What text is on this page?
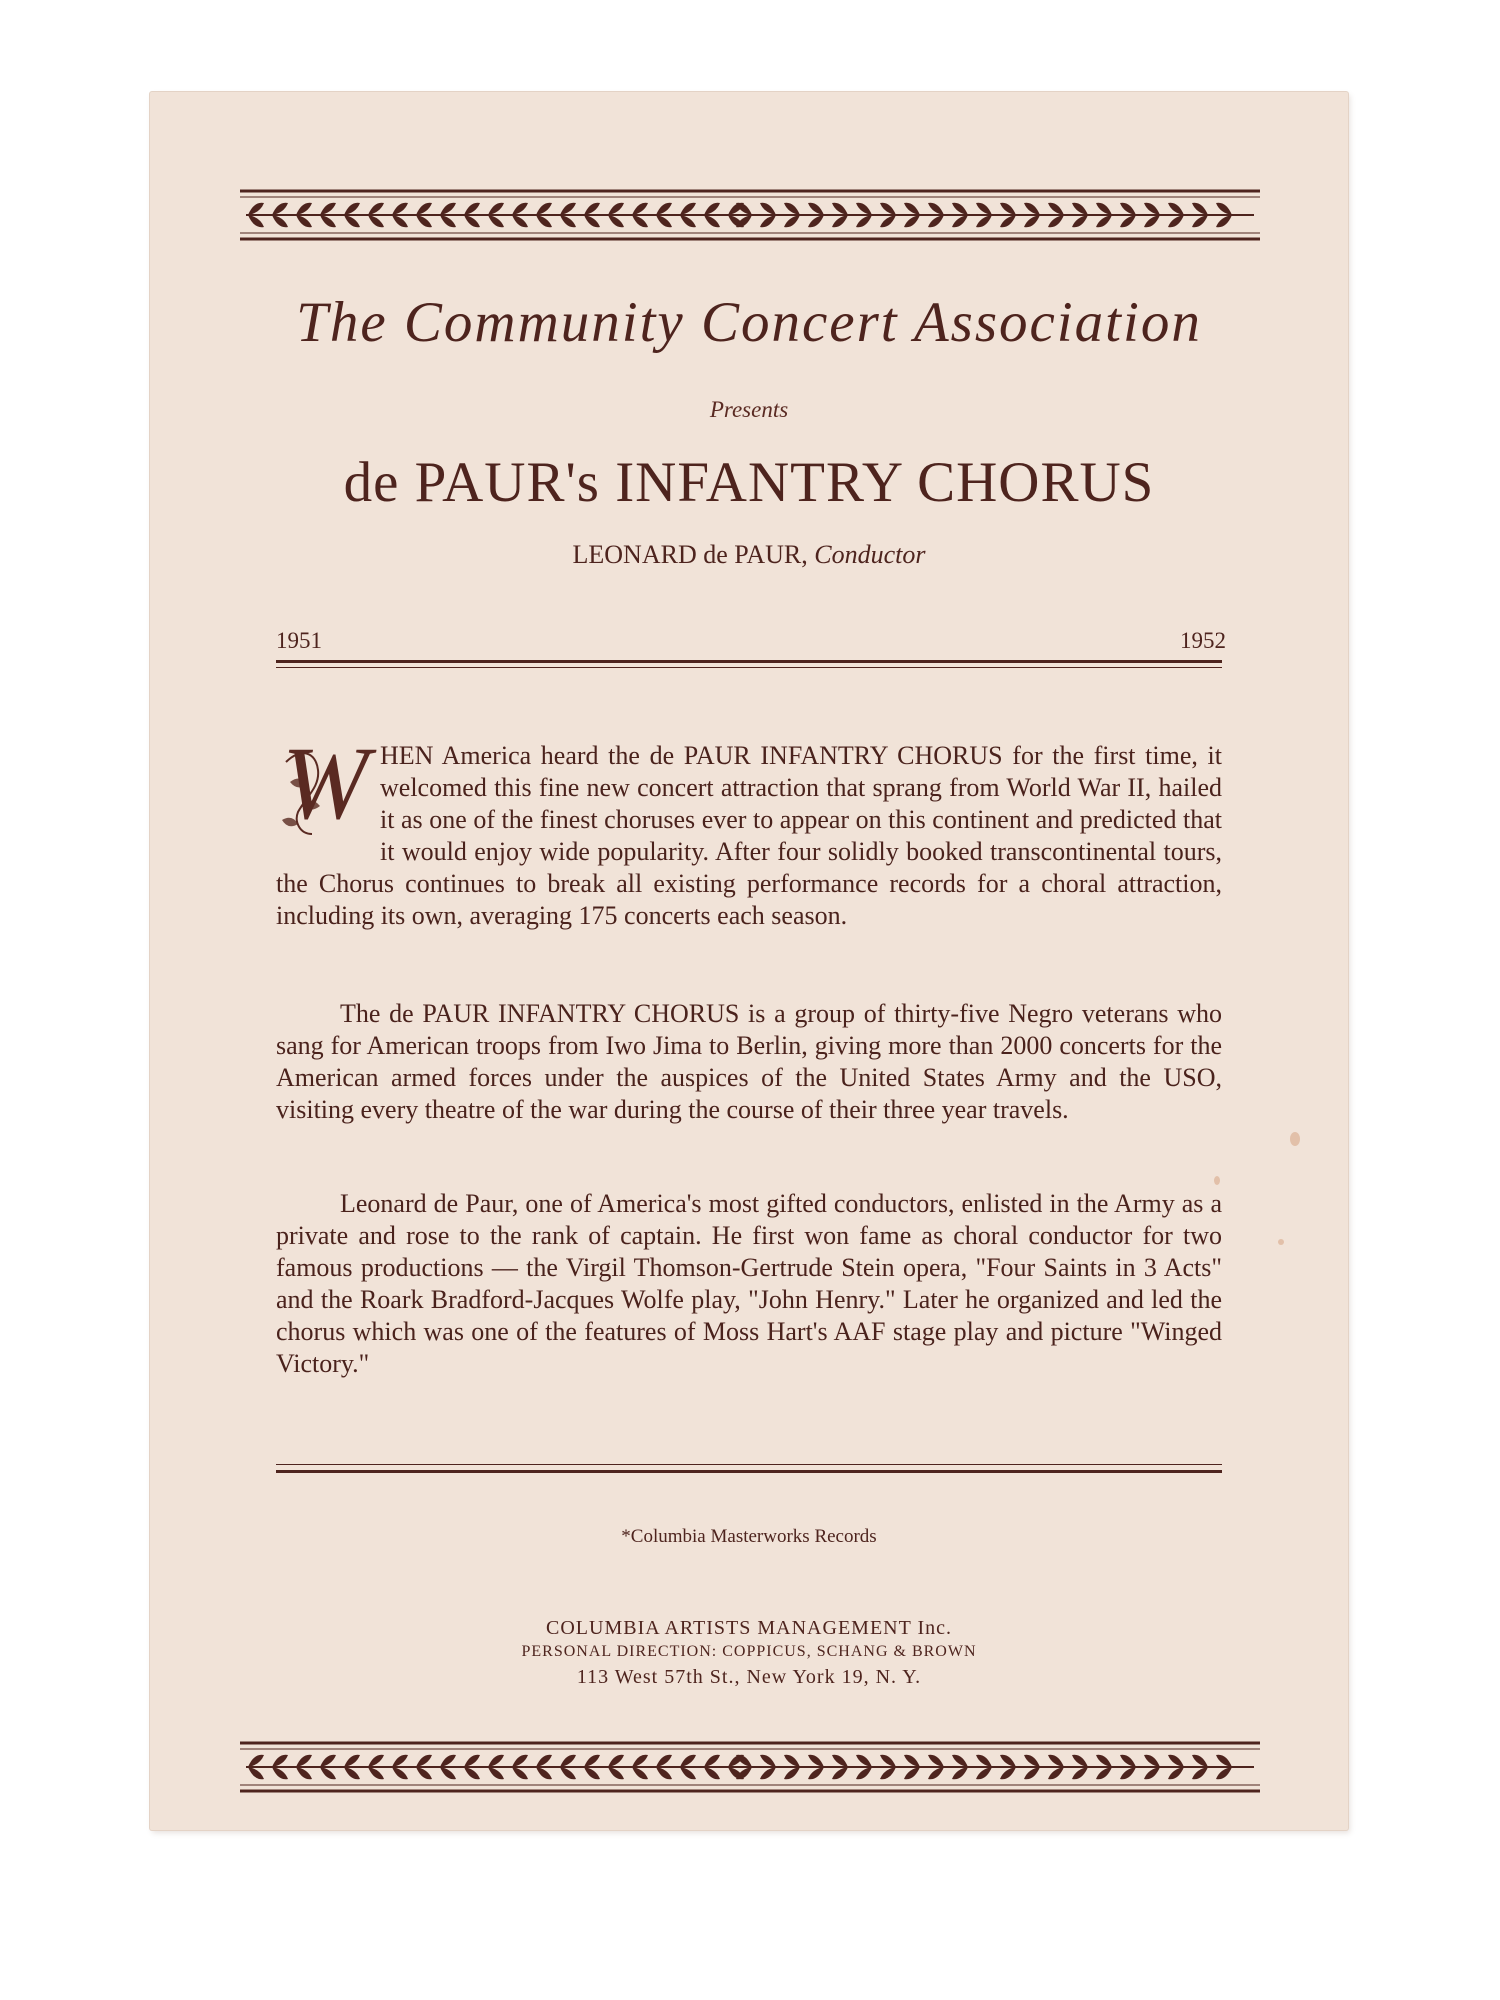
The Community Concert Association
Presents
de PAUR's INFANTRY CHORUS
LEONARD de PAUR, Conductor
1951	1952
W HEN America heard the de PAUR INFANTRY CHORUS for the first time, it welcomed this fine new concert attraction that sprang from World War II, hailed it as one of the finest choruses ever to appear on this continent and predicted that it would enjoy wide popularity. After four solidly booked transcontinental tours, the Chorus continues to break all existing performance records for a choral attraction, including its own, averaging 175 concerts each season.

The de PAUR INFANTRY CHORUS is a group of thirty-five Negro veterans who sang for American troops from Iwo Jima to Berlin, giving more than 2000 concerts for the American armed forces under the auspices of the United States Army and the USO, visiting every theatre of the war during the course of their three year travels.

Leonard de Paur, one of America's most gifted conductors, enlisted in the Army as a private and rose to the rank of captain. He first won fame as choral conductor for two famous productions — the Virgil Thomson-Gertrude Stein opera, "Four Saints in 3 Acts" and the Roark Bradford-Jacques Wolfe play, "John Henry." Later he organized and led the chorus which was one of the features of Moss Hart's AAF stage play and picture "Winged Victory."

*Columbia Masterworks Records
COLUMBIA ARTISTS MANAGEMENT Inc.
PERSONAL DIRECTION: COPPICUS, SCHANG & BROWN
113 West 57th St., New York 19, N. Y.
